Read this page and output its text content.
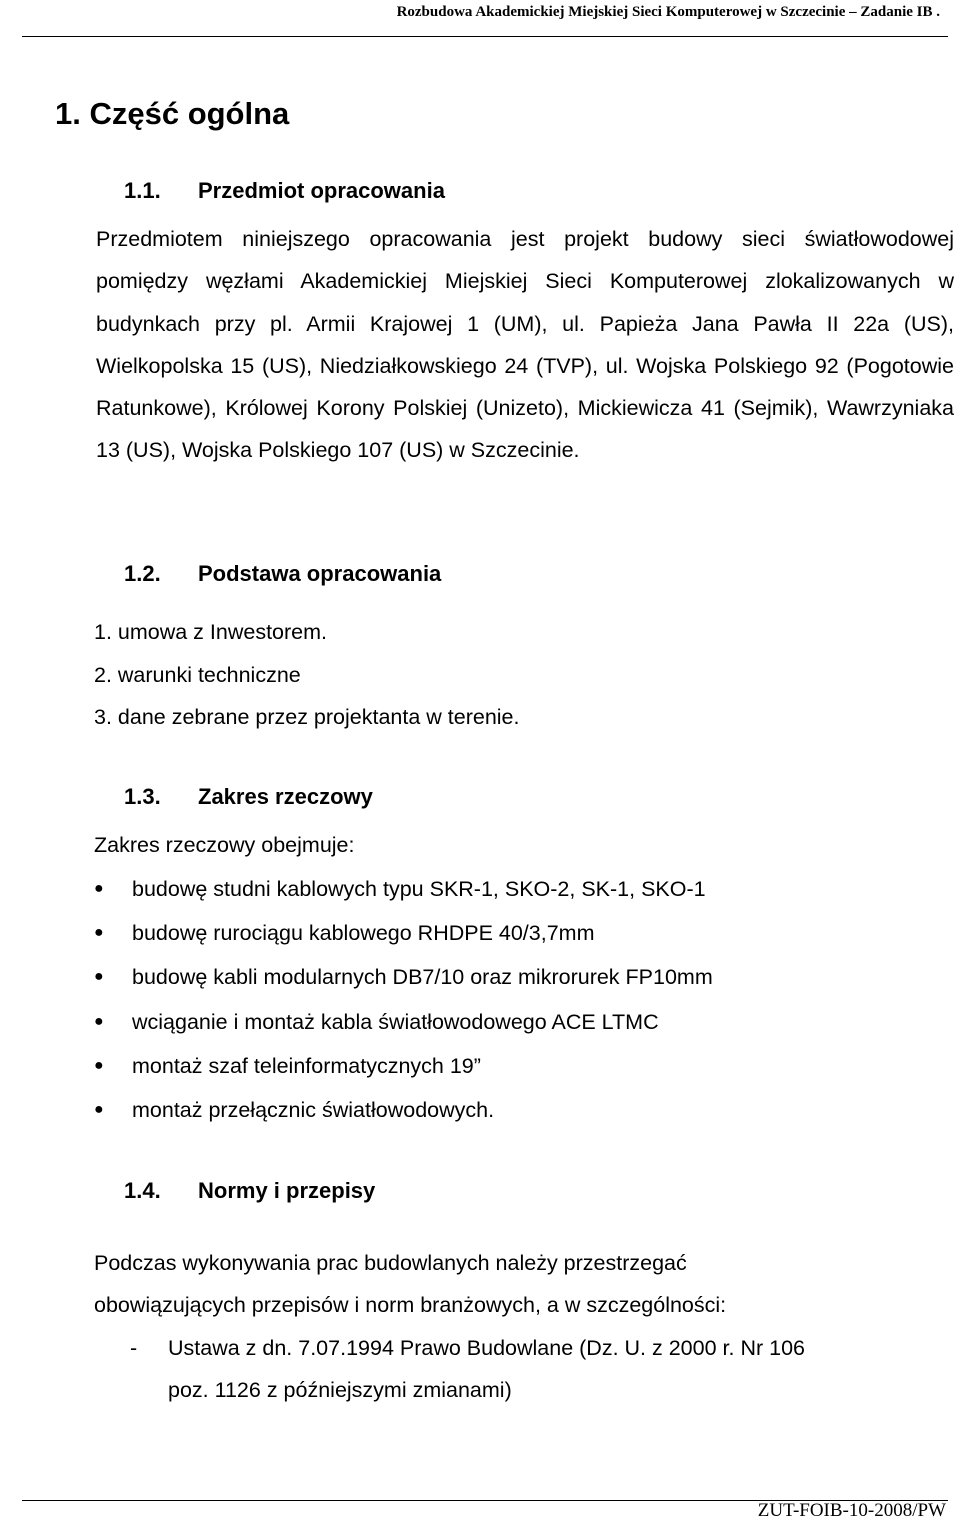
Rozbudowa Akademickiej Miejskiej Sieci Komputerowej w Szczecinie – Zadanie IB .
1. Część ogólna
1.1. Przedmiot opracowania
Przedmiotem niniejszego opracowania jest projekt budowy sieci światłowodowej pomiędzy węzłami Akademickiej Miejskiej Sieci Komputerowej zlokalizowanych w budynkach przy pl. Armii Krajowej 1 (UM), ul. Papieża Jana Pawła II 22a (US), Wielkopolska 15 (US), Niedziałkowskiego 24 (TVP), ul. Wojska Polskiego 92 (Pogotowie Ratunkowe), Królowej Korony Polskiej (Unizeto), Mickiewicza 41 (Sejmik), Wawrzyniaka 13 (US), Wojska Polskiego 107 (US) w Szczecinie.
1.2. Podstawa opracowania
1. umowa z Inwestorem.
2. warunki techniczne
3. dane zebrane przez projektanta w terenie.
1.3. Zakres rzeczowy
Zakres rzeczowy obejmuje:
● budowę studni kablowych typu SKR-1, SKO-2, SK-1, SKO-1
● budowę rurociągu kablowego RHDPE 40/3,7mm
● budowę kabli modularnych DB7/10 oraz mikrorurek FP10mm
● wciąganie i montaż kabla światłowodowego ACE LTMC
● montaż szaf teleinformatycznych 19”
● montaż przełącznic światłowodowych.
1.4. Normy i przepisy
Podczas wykonywania prac budowlanych należy przestrzegać
obowiązujących przepisów i norm branżowych, a w szczególności:
- Ustawa z dn. 7.07.1994 Prawo Budowlane (Dz. U. z 2000 r. Nr 106
poz. 1126 z późniejszymi zmianami)
ZUT-FOIB-10-2008/PW
